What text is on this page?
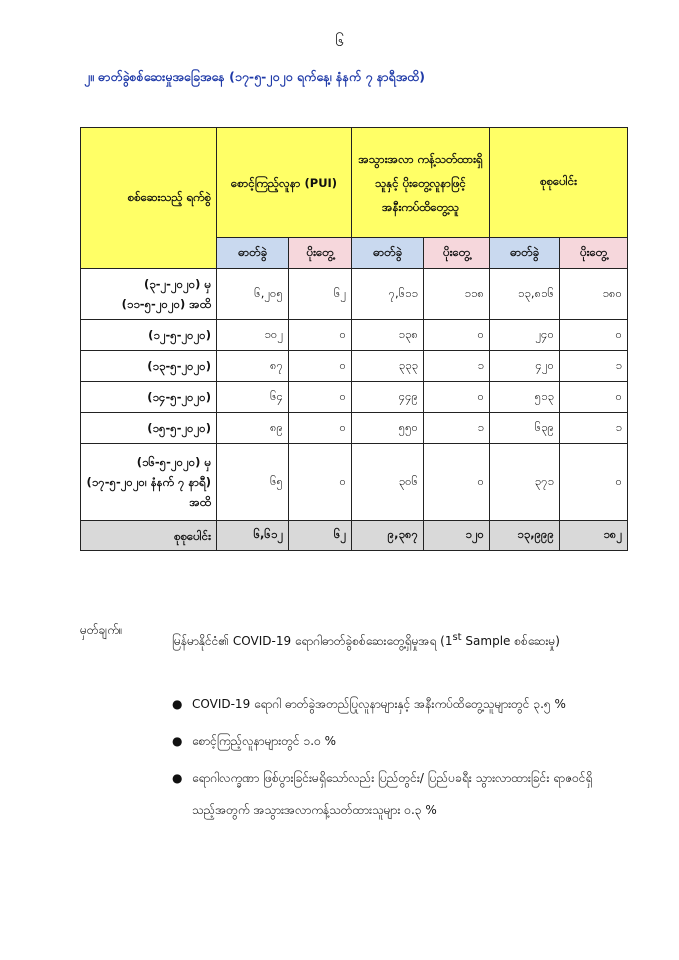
၆
၂။ ဓာတ်ခွဲစစ်ဆေးမှုအခြေအနေ (၁၇-၅-၂၀၂၀ ရက်နေ့၊ နံနက် ၇ နာရီအထိ)
စစ်ဆေးသည့် ရက်စွဲ	စောင့်ကြည့်လူနာ (PUI)		အသွားအလာ ကန့်သတ်ထားရှိသူနှင့် ပိုးတွေ့လူနာဖြင့် အနီးကပ်ထိတွေ့သူ		စုစုပေါင်း	
	ဓာတ်ခွဲ	ပိုးတွေ့	ဓာတ်ခွဲ	ပိုးတွေ့	ဓာတ်ခွဲ	ပိုးတွေ့
(၃-၂-၂၀၂၀) မှ (၁၁-၅-၂၀၂၀) အထိ	၆,၂၀၅	၆၂	၇,၆၁၁	၁၁၈	၁၃,၈၁၆	၁၈၀
(၁၂-၅-၂၀၂၀)	၁၀၂	၀	၁၃၈	၀	၂၄၀	၀
(၁၃-၅-၂၀၂၀)	၈၇	၀	၃၃၃	၁	၄၂၀	၁
(၁၄-၅-၂၀၂၀)	၆၄	၀	၄၄၉	၀	၅၁၃	၀
(၁၅-၅-၂၀၂၀)	၈၉	၀	၅၅၀	၁	၆၃၉	၁
(၁၆-၅-၂၀၂၀) မှ (၁၇-၅-၂၀၂၀၊ နံနက် ၇ နာရီ) အထိ	၆၅	၀	၃၀၆	၀	၃၇၁	၀
စုစုပေါင်း	၆,၆၁၂	၆၂	၉,၃၈၇	၁၂၀	၁၃,၉၉၉	၁၈၂
မှတ်ချက်။
မြန်မာနိုင်ငံ၏ COVID-19 ရောဂါဓာတ်ခွဲစစ်ဆေးတွေ့ရှိမှုအရ (1st Sample စစ်ဆေးမှု)
● COVID-19 ရောဂါ ဓာတ်ခွဲအတည်ပြုလူနာများနှင့် အနီးကပ်ထိတွေ့သူများတွင် ၃.၅ %
● စောင့်ကြည့်လူနာများတွင် ၁.၀ %
● ရောဂါလက္ခဏာ ဖြစ်ပွားခြင်းမရှိသော်လည်း ပြည်တွင်း/ ပြည်ပခရီး သွားလာထားခြင်း ရာဇဝင်ရှိသည့်အတွက် အသွားအလာကန့်သတ်ထားသူများ ၀.၃ %
